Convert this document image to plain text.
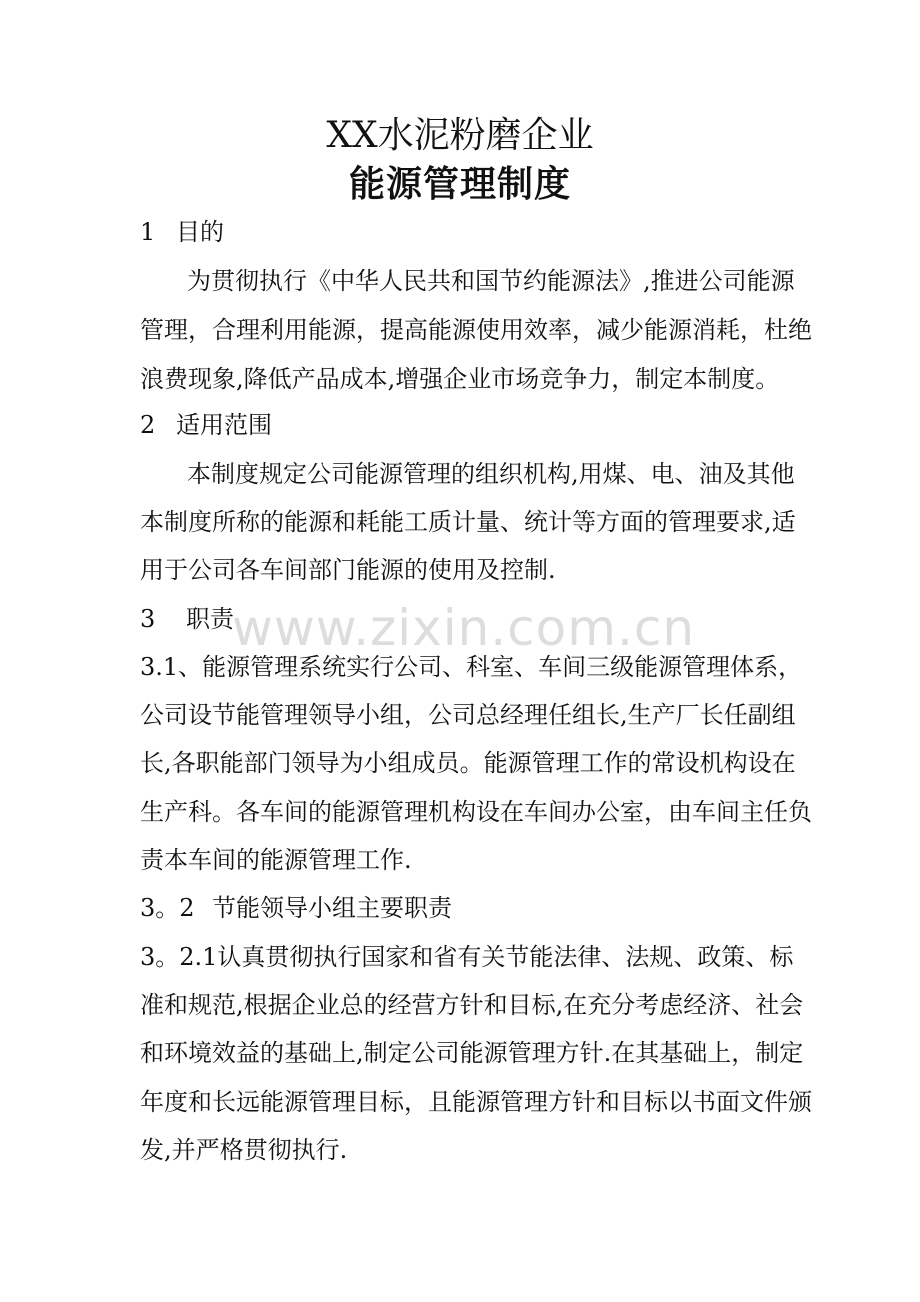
XX水泥粉磨企业
能源管理制度
1 目的
为贯彻执行《中华人民共和国节约能源法》,推进公司能源
管理，合理利用能源，提高能源使用效率，减少能源消耗，杜绝
浪费现象,降低产品成本,增强企业市场竞争力，制定本制度。
2 适用范围
本制度规定公司能源管理的组织机构,用煤、电、油及其他
本制度所称的能源和耗能工质计量、统计等方面的管理要求,适
用于公司各车间部门能源的使用及控制.
3 职责
3.1、能源管理系统实行公司、科室、车间三级能源管理体系，
公司设节能管理领导小组，公司总经理任组长,生产厂长任副组
长,各职能部门领导为小组成员。能源管理工作的常设机构设在
生产科。各车间的能源管理机构设在车间办公室，由车间主任负
责本车间的能源管理工作.
3。2 节能领导小组主要职责
3。2.1认真贯彻执行国家和省有关节能法律、法规、政策、标
准和规范,根据企业总的经营方针和目标,在充分考虑经济、社会
和环境效益的基础上,制定公司能源管理方针.在其基础上，制定
年度和长远能源管理目标，且能源管理方针和目标以书面文件颁
发,并严格贯彻执行.
www.zixin.com.cn
